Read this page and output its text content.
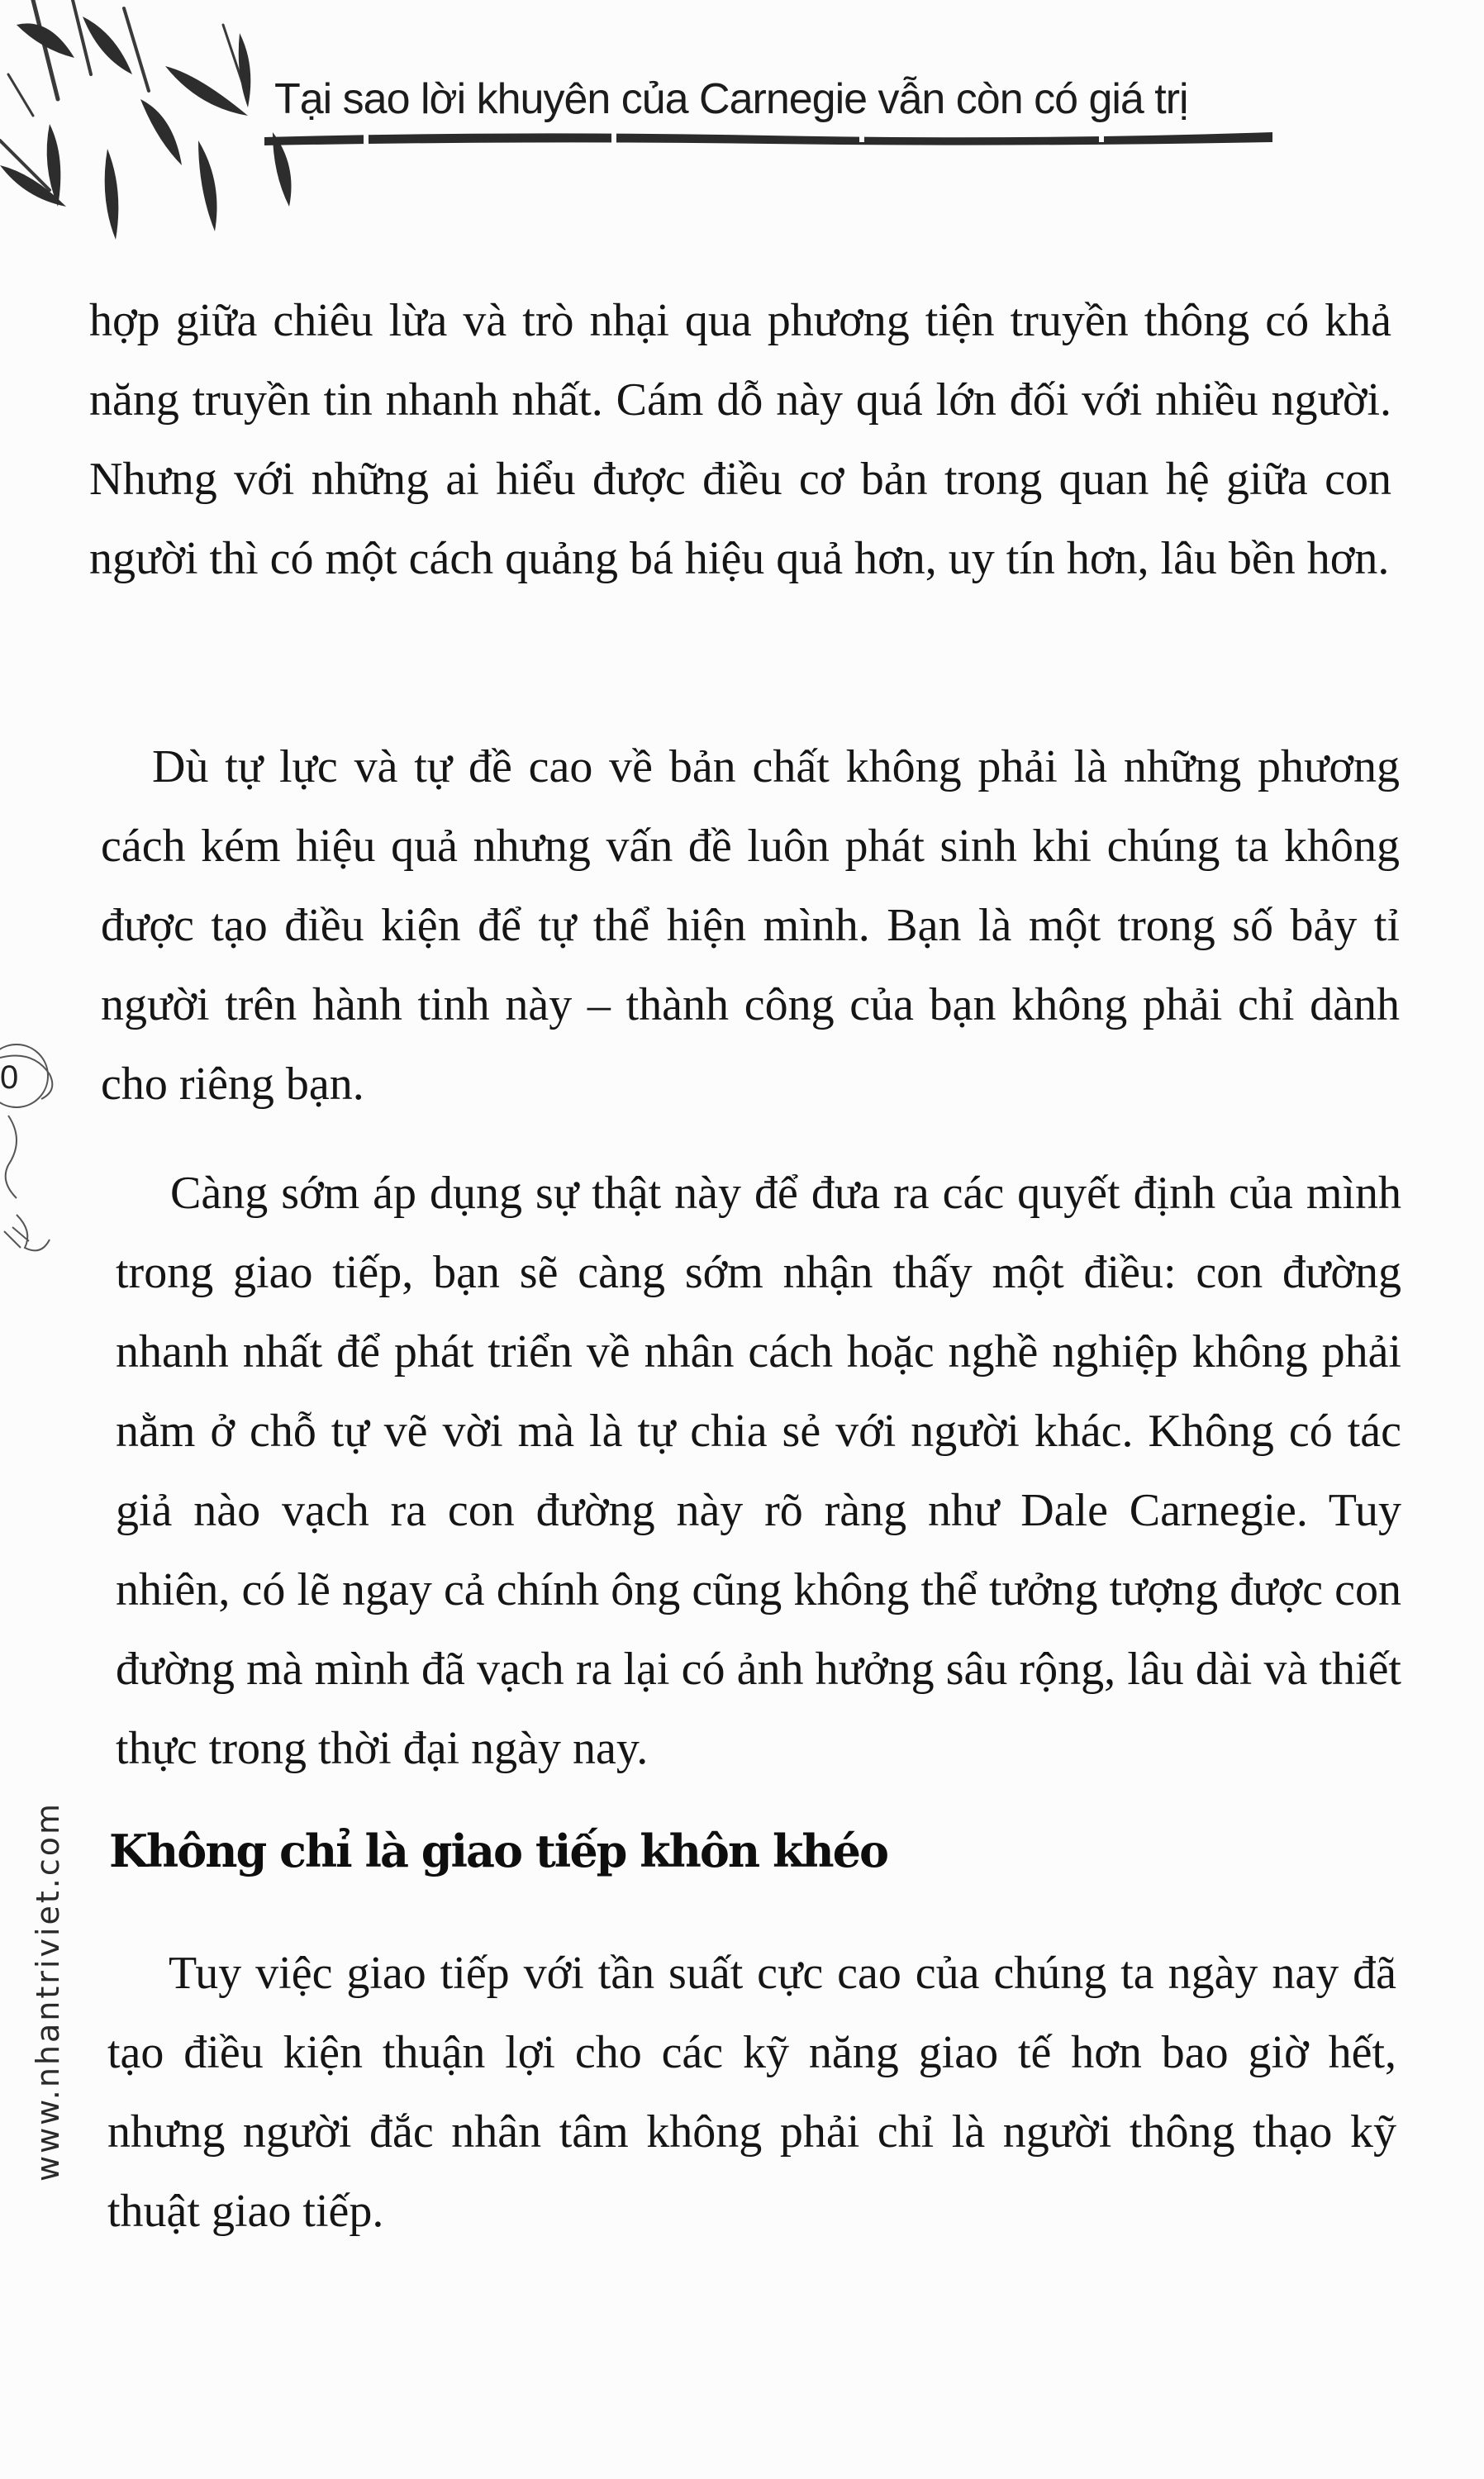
Tại sao lời khuyên của Carnegie vẫn còn có giá trị

hợp giữa chiêu lừa và trò nhại qua phương tiện truyền thông có khả năng truyền tin nhanh nhất. Cám dỗ này quá lớn đối với nhiều người. Nhưng với những ai hiểu được điều cơ bản trong quan hệ giữa con người thì có một cách quảng bá hiệu quả hơn, uy tín hơn, lâu bền hơn.

Dù tự lực và tự đề cao về bản chất không phải là những phương cách kém hiệu quả nhưng vấn đề luôn phát sinh khi chúng ta không được tạo điều kiện để tự thể hiện mình. Bạn là một trong số bảy tỉ người trên hành tinh này – thành công của bạn không phải chỉ dành cho riêng bạn.

Càng sớm áp dụng sự thật này để đưa ra các quyết định của mình trong giao tiếp, bạn sẽ càng sớm nhận thấy một điều: con đường nhanh nhất để phát triển về nhân cách hoặc nghề nghiệp không phải nằm ở chỗ tự vẽ vời mà là tự chia sẻ với người khác. Không có tác giả nào vạch ra con đường này rõ ràng như Dale Carnegie. Tuy nhiên, có lẽ ngay cả chính ông cũng không thể tưởng tượng được con đường mà mình đã vạch ra lại có ảnh hưởng sâu rộng, lâu dài và thiết thực trong thời đại ngày nay.

Không chỉ là giao tiếp khôn khéo

Tuy việc giao tiếp với tần suất cực cao của chúng ta ngày nay đã tạo điều kiện thuận lợi cho các kỹ năng giao tế hơn bao giờ hết, nhưng người đắc nhân tâm không phải chỉ là người thông thạo kỹ thuật giao tiếp.

0
www.nhantriviet.com
